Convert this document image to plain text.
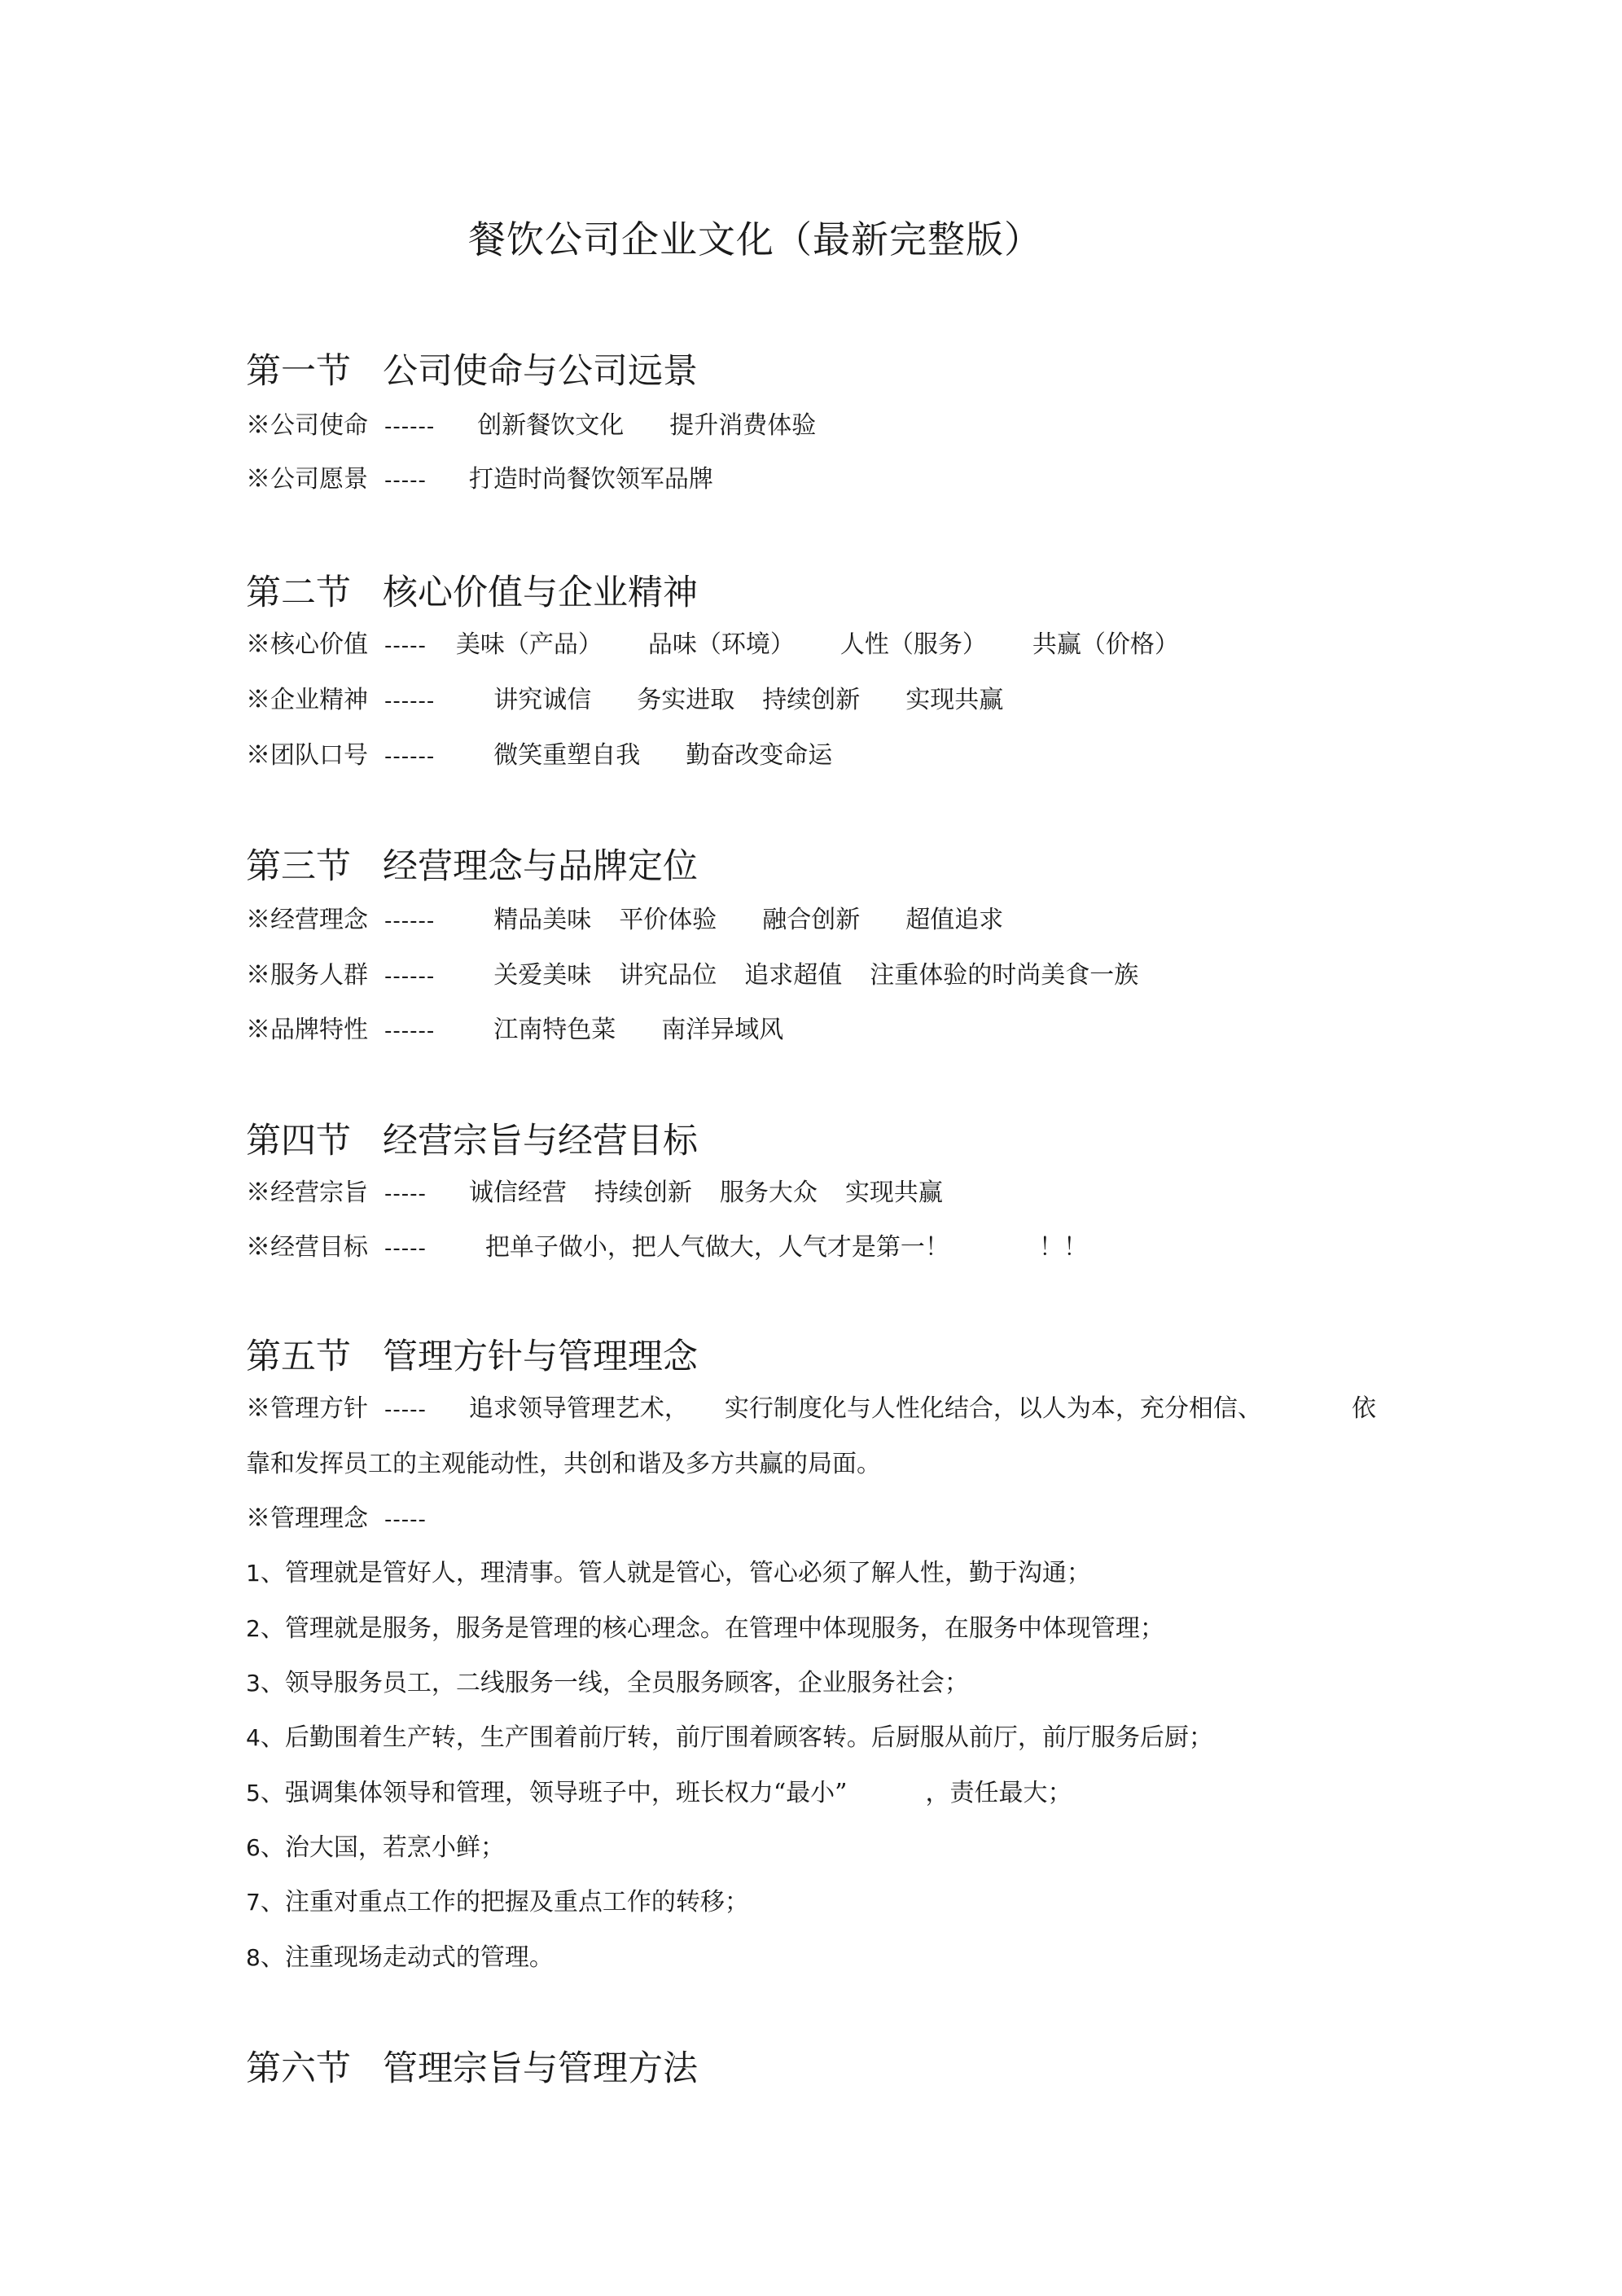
餐饮公司企业文化（最新完整版）
第一节 公司使命与公司远景
※公司使命 ------ 创新餐饮文化 提升消费体验
※公司愿景 ----- 打造时尚餐饮领军品牌
第二节 核心价值与企业精神
※核心价值 ----- 美味（产品） 品味（环境） 人性（服务） 共赢（价格）
※企业精神 ------ 讲究诚信 务实进取 持续创新 实现共赢
※团队口号 ------ 微笑重塑自我 勤奋改变命运
第三节 经营理念与品牌定位
※经营理念 ------ 精品美味 平价体验 融合创新 超值追求
※服务人群 ------ 关爱美味 讲究品位 追求超值 注重体验的时尚美食一族
※品牌特性 ------ 江南特色菜 南洋异域风
第四节 经营宗旨与经营目标
※经营宗旨 ----- 诚信经营 持续创新 服务大众 实现共赢
※经营目标 ----- 把单子做小，把人气做大，人气才是第一！	！！
第五节 管理方针与管理理念
※管理方针 ----- 追求领导管理艺术， 实行制度化与人性化结合，以人为本，充分相信、	依
靠和发挥员工的主观能动性，共创和谐及多方共赢的局面。
※管理理念 -----
1、管理就是管好人，理清事。管人就是管心，管心必须了解人性，勤于沟通；
2、管理就是服务，服务是管理的核心理念。在管理中体现服务，在服务中体现管理；
3、领导服务员工，二线服务一线，全员服务顾客，企业服务社会；
4、后勤围着生产转，生产围着前厅转，前厅围着顾客转。后厨服从前厅，前厅服务后厨；
5、强调集体领导和管理，领导班子中，班长权力“最小”	，责任最大；
6、治大国，若烹小鲜；
7、注重对重点工作的把握及重点工作的转移；
8、注重现场走动式的管理。
第六节 管理宗旨与管理方法
